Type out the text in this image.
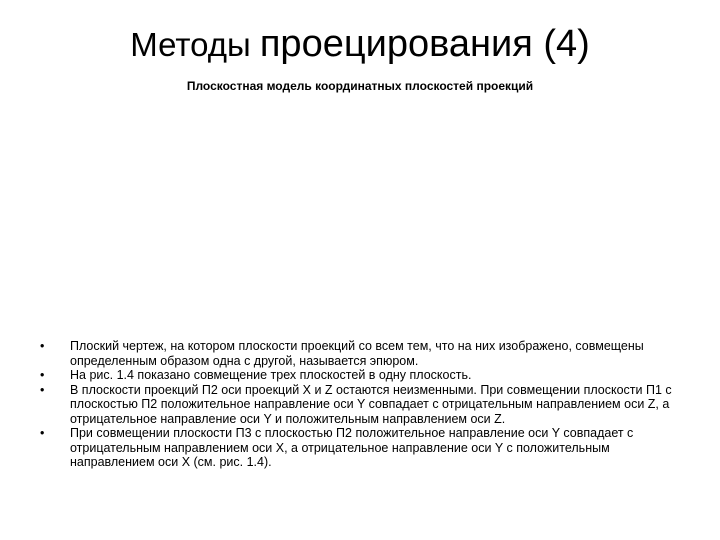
Методы проецирования (4)
Плоскостная модель координатных плоскостей проекций
•	Плоский чертеж, на котором плоскости проекций со всем тем, что на них изображено, совмещены определенным образом одна с другой, называется эпюром.
•	На рис. 1.4 показано совмещение трех плоскостей в одну плоскость.
•	В плоскости проекций П2 оси проекций X и Z остаются неизменными. При совмещении плоскости П1 с плоскостью П2 положительное направление оси Y совпадает с отрицательным направлением оси Z, а отрицательное направление оси Y и положительным направлением оси Z.
•	При совмещении плоскости П3 с плоскостью П2 положительное направление оси Y совпадает с отрицательным направлением оси X, а отрицательное направление оси Y с положительным направлением оси X (см. рис. 1.4).
